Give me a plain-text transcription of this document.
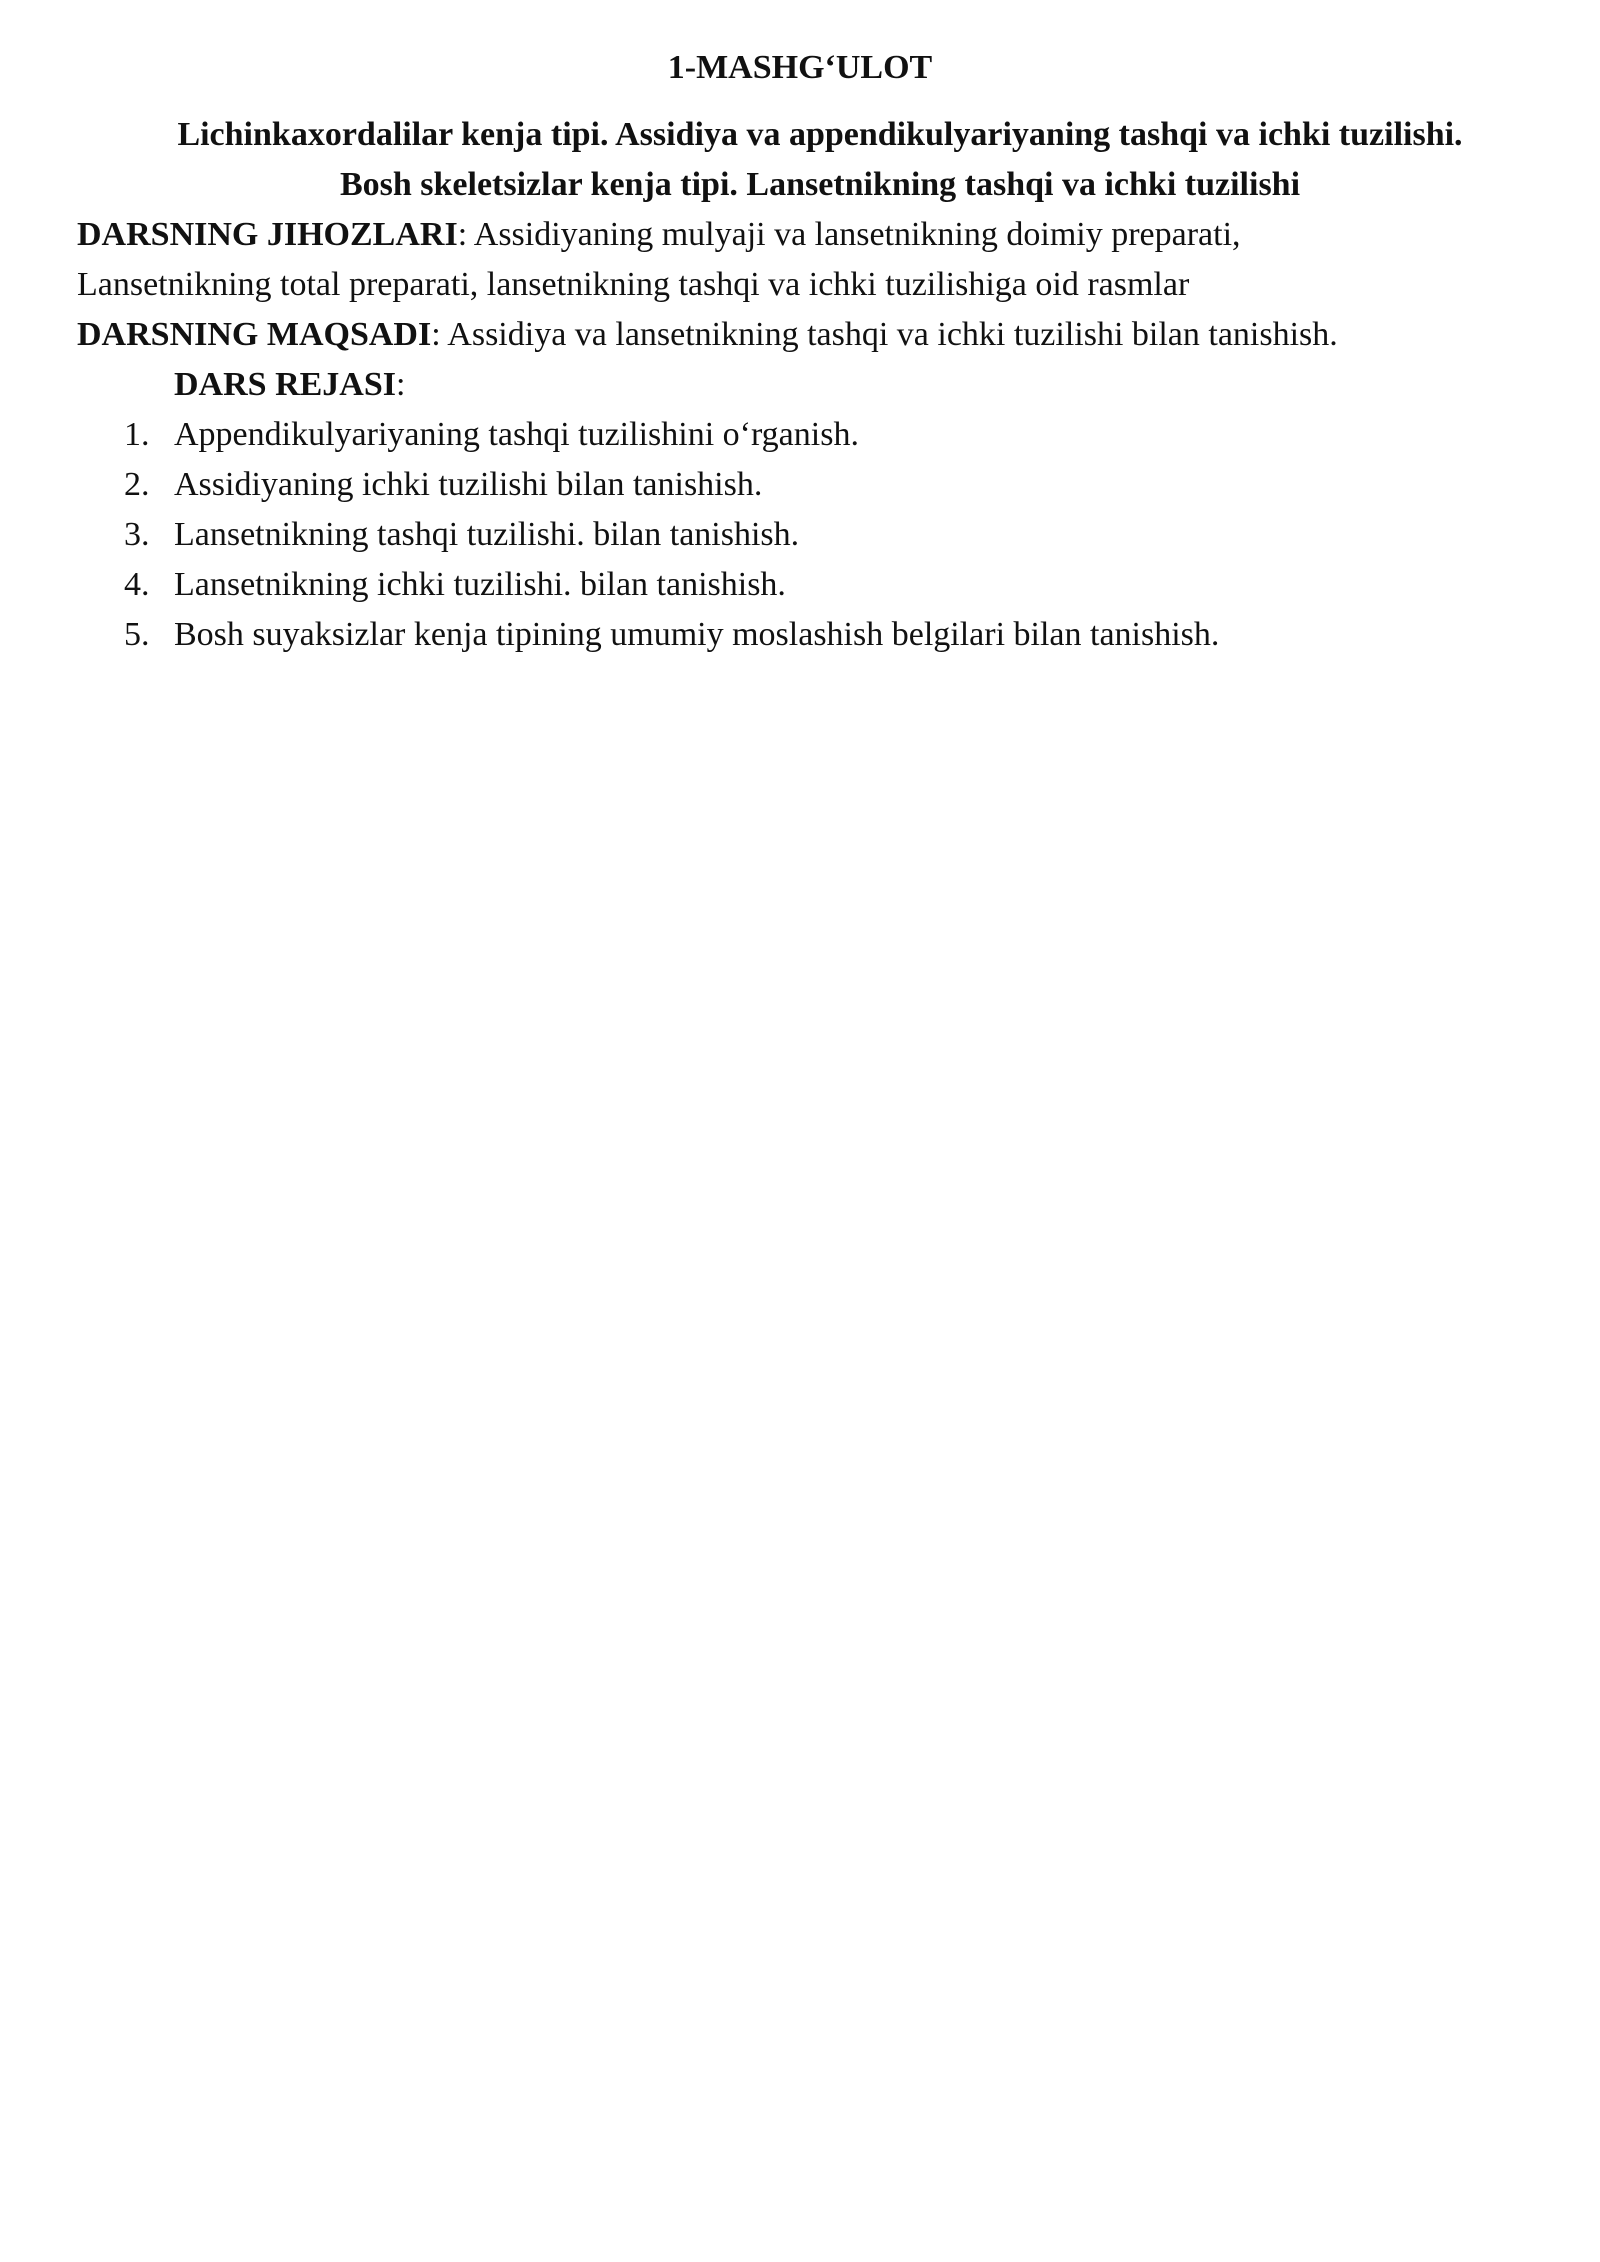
1-MASHG‘ULOT
Lichinkaxordalilar kenja tipi. Assidiya va appendikulyariyaning tashqi va ichki tuzilishi.
Bosh skeletsizlar kenja tipi. Lansetnikning tashqi va ichki tuzilishi
DARSNING JIHOZLARI: Assidiyaning mulyaji va lansetnikning doimiy preparati,
Lansetnikning total preparati, lansetnikning tashqi va ichki tuzilishiga oid rasmlar
DARSNING MAQSADI: Assidiya va lansetnikning tashqi va ichki tuzilishi bilan tanishish.
DARS REJASI:
1. Appendikulyariyaning tashqi tuzilishini o‘rganish.
2. Assidiyaning ichki tuzilishi bilan tanishish.
3. Lansetnikning tashqi tuzilishi. bilan tanishish.
4. Lansetnikning ichki tuzilishi. bilan tanishish.
5. Bosh suyaksizlar kenja tipining umumiy moslashish belgilari bilan tanishish.
